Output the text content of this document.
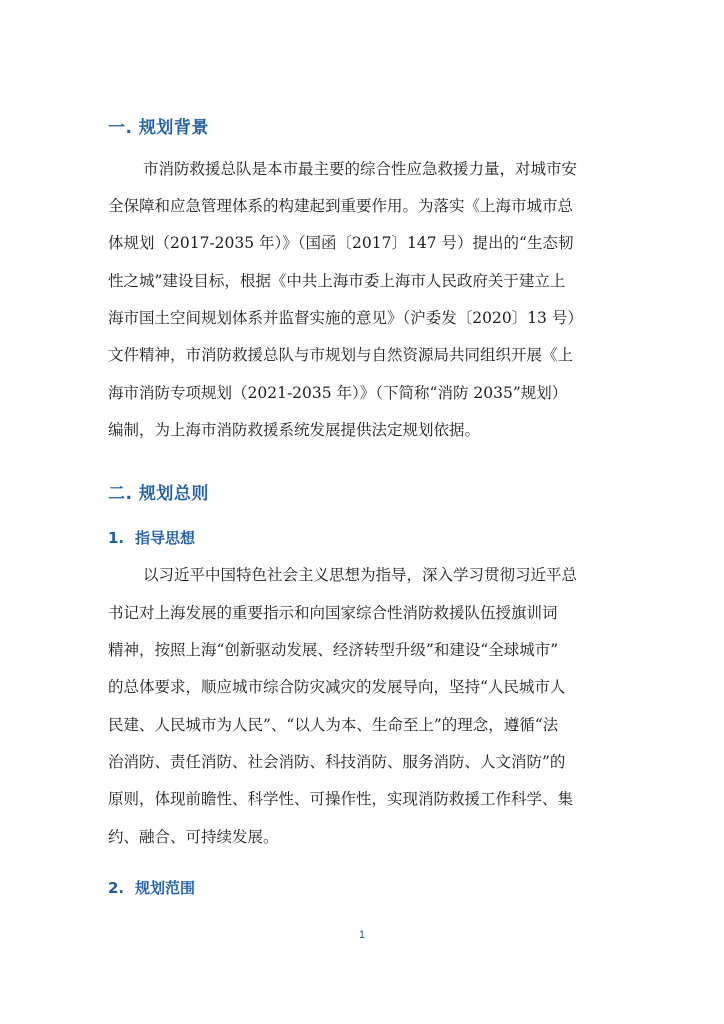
一. 规划背景
市消防救援总队是本市最主要的综合性应急救援力量，对城市安
全保障和应急管理体系的构建起到重要作用。为落实《上海市城市总
体规划（2017-2035 年）》（国函〔2017〕147 号）提出的“生态韧
性之城”建设目标，根据《中共上海市委上海市人民政府关于建立上
海市国土空间规划体系并监督实施的意见》（沪委发〔2020〕13 号）
文件精神，市消防救援总队与市规划与自然资源局共同组织开展《上
海市消防专项规划（2021-2035 年）》（下简称“消防 2035”规划）
编制，为上海市消防救援系统发展提供法定规划依据。
二. 规划总则
1. 指导思想
以习近平中国特色社会主义思想为指导，深入学习贯彻习近平总
书记对上海发展的重要指示和向国家综合性消防救援队伍授旗训词
精神，按照上海“创新驱动发展、经济转型升级”和建设“全球城市”
的总体要求，顺应城市综合防灾减灾的发展导向，坚持“人民城市人
民建、人民城市为人民”、“以人为本、生命至上”的理念，遵循“法
治消防、责任消防、社会消防、科技消防、服务消防、人文消防”的
原则，体现前瞻性、科学性、可操作性，实现消防救援工作科学、集
约、融合、可持续发展。
2. 规划范围
1
